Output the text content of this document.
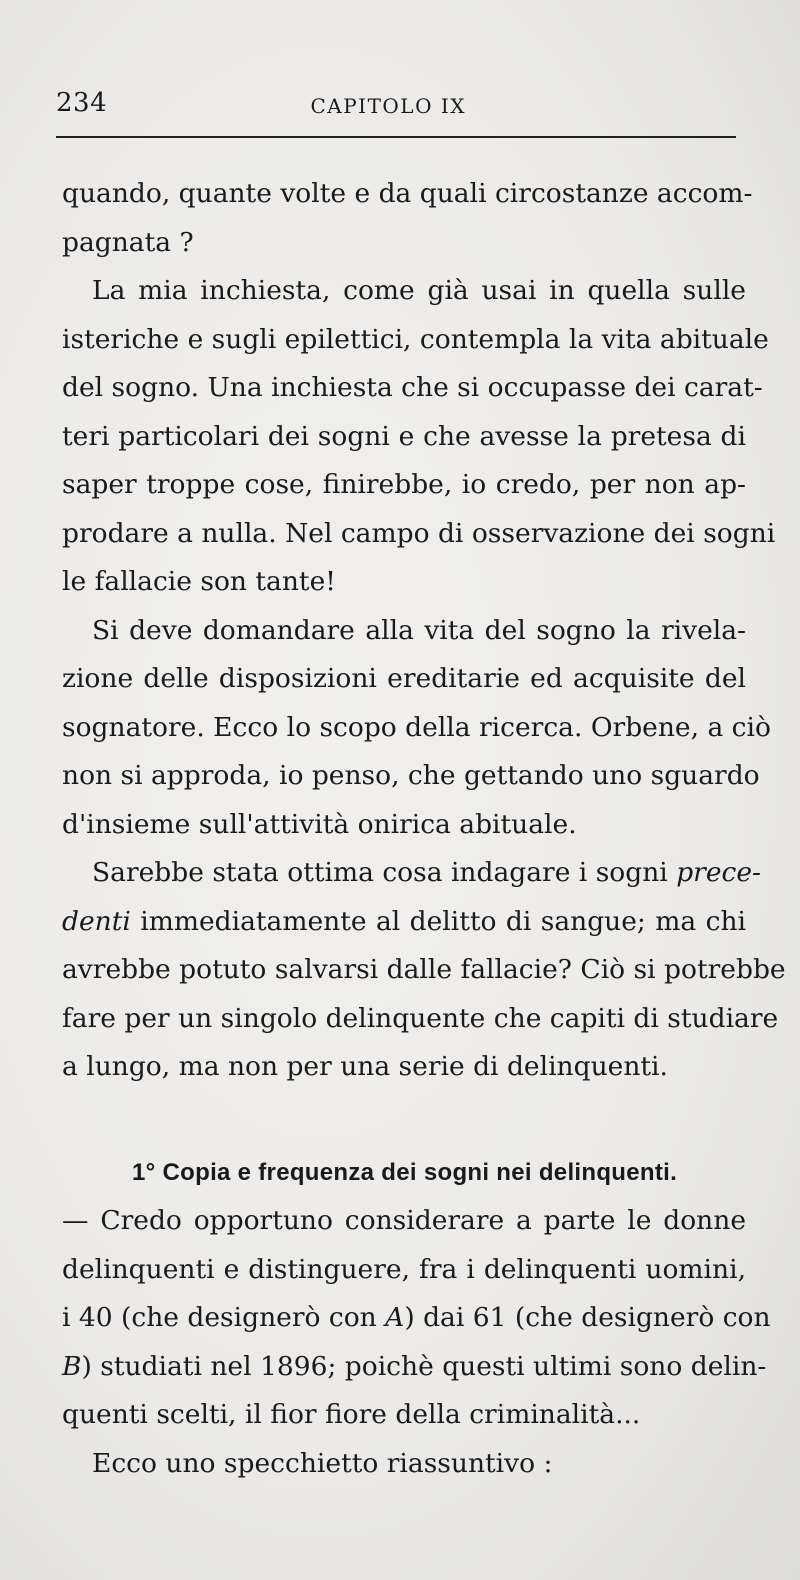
234	CAPITOLO IX
quando, quante volte e da quali circostanze accom-
pagnata ?
La mia inchiesta, come già usai in quella sulle
isteriche e sugli epilettici, contempla la vita abituale
del sogno. Una inchiesta che si occupasse dei carat-
teri particolari dei sogni e che avesse la pretesa di
saper troppe cose, finirebbe, io credo, per non ap-
prodare a nulla. Nel campo di osservazione dei sogni
le fallacie son tante!
Si deve domandare alla vita del sogno la rivela-
zione delle disposizioni ereditarie ed acquisite del
sognatore. Ecco lo scopo della ricerca. Orbene, a ciò
non si approda, io penso, che gettando uno sguardo
d'insieme sull'attività onirica abituale.
Sarebbe stata ottima cosa indagare i sogni prece-
denti immediatamente al delitto di sangue; ma chi
avrebbe potuto salvarsi dalle fallacie? Ciò si potrebbe
fare per un singolo delinquente che capiti di studiare
a lungo, ma non per una serie di delinquenti.
1° Copia e frequenza dei sogni nei delinquenti.
— Credo opportuno considerare a parte le donne
delinquenti e distinguere, fra i delinquenti uomini,
i 40 (che designerò con A) dai 61 (che designerò con
B) studiati nel 1896; poichè questi ultimi sono delin-
quenti scelti, il fior fiore della criminalità...
Ecco uno specchietto riassuntivo :
